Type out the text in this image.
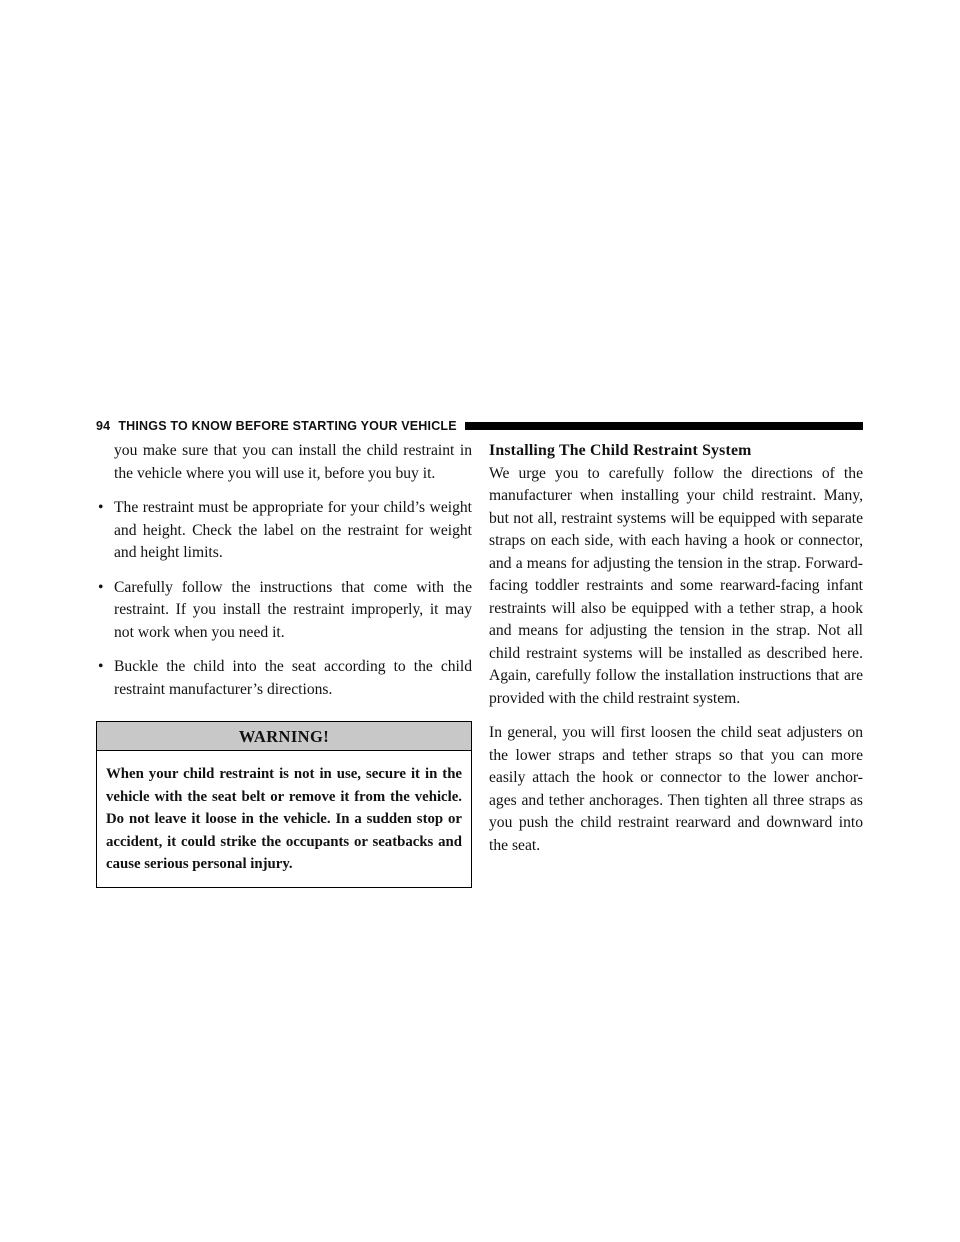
94 THINGS TO KNOW BEFORE STARTING YOUR VEHICLE

you make sure that you can install the child restraint in the vehicle where you will use it, before you buy it.

• The restraint must be appropriate for your child’s weight and height. Check the label on the restraint for weight and height limits.
• Carefully follow the instructions that come with the restraint. If you install the restraint improperly, it may not work when you need it.
• Buckle the child into the seat according to the child restraint manufacturer’s directions.
WARNING!
When your child restraint is not in use, secure it in the vehicle with the seat belt or remove it from the vehicle. Do not leave it loose in the vehicle. In a sudden stop or accident, it could strike the occupants or seatbacks and cause serious personal injury.

Installing The Child Restraint System

We urge you to carefully follow the directions of the manufacturer when installing your child restraint. Many, but not all, restraint systems will be equipped with separate straps on each side, with each having a hook or connector, and a means for adjusting the tension in the strap. Forward-facing toddler restraints and some rearward-facing infant restraints will also be equipped with a tether strap, a hook and means for adjusting the tension in the strap. Not all child restraint systems will be installed as described here. Again, carefully follow the installation instructions that are provided with the child restraint system.

In general, you will first loosen the child seat adjusters on the lower straps and tether straps so that you can more easily attach the hook or connector to the lower anchor-ages and tether anchorages. Then tighten all three straps as you push the child restraint rearward and downward into the seat.
